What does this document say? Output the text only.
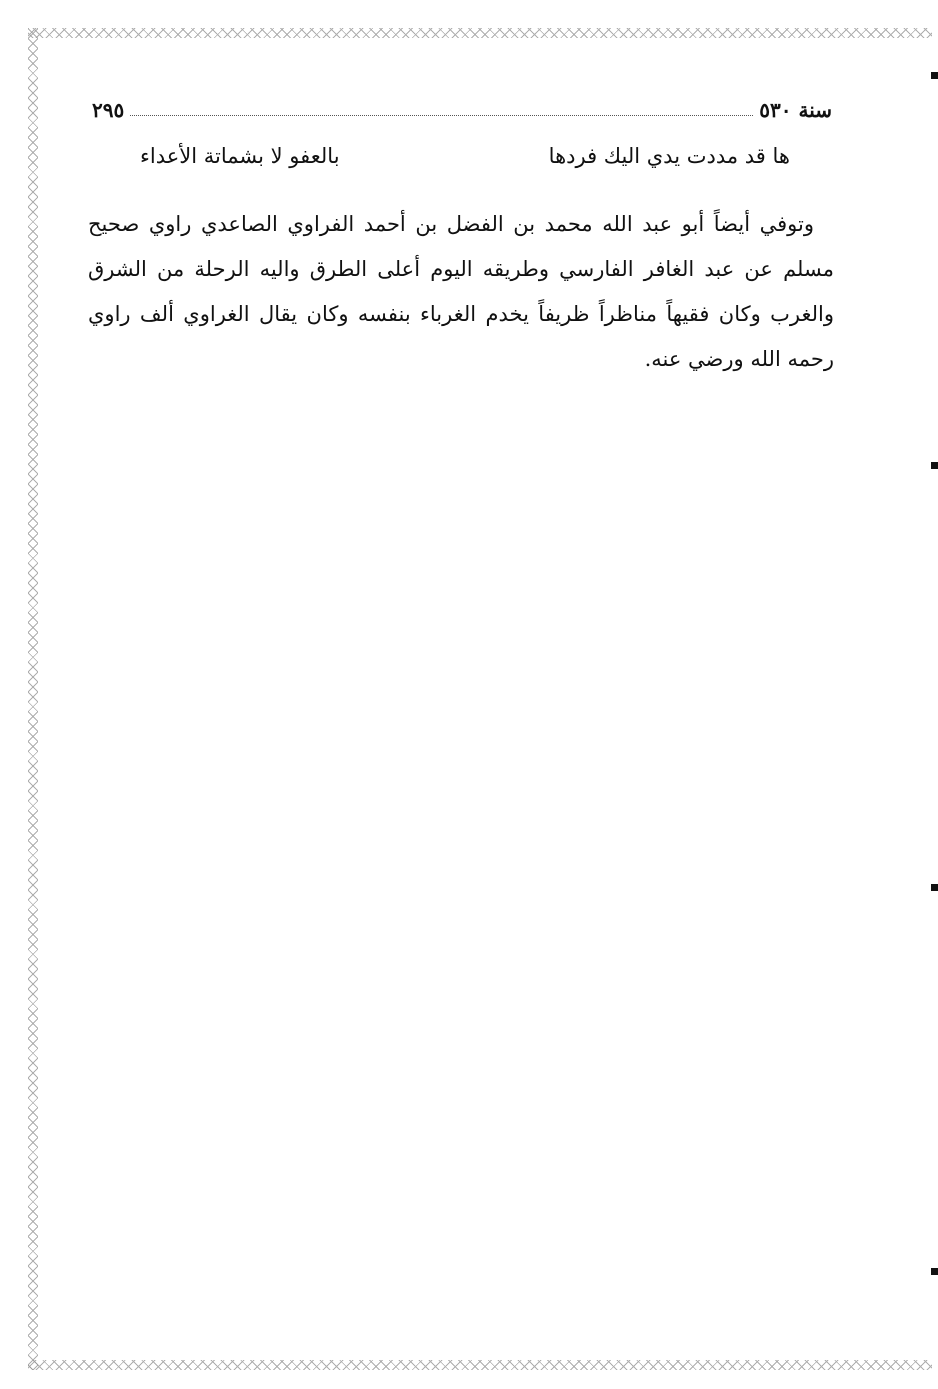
سنة ٥٣٠
٢٩٥
ها قد مددت يدي اليك فردها
بالعفو لا بشماتة الأعداء

وتوفي أيضاً أبو عبد الله محمد بن الفضل بن أحمد الفراوي الصاعدي راوي صحيح مسلم عن عبد الغافر الفارسي وطريقه اليوم أعلى الطرق واليه الرحلة من الشرق والغرب وكان فقيهاً مناظراً ظريفاً يخدم الغرباء بنفسه وكان يقال الغراوي ألف راوي رحمه الله ورضي عنه.
